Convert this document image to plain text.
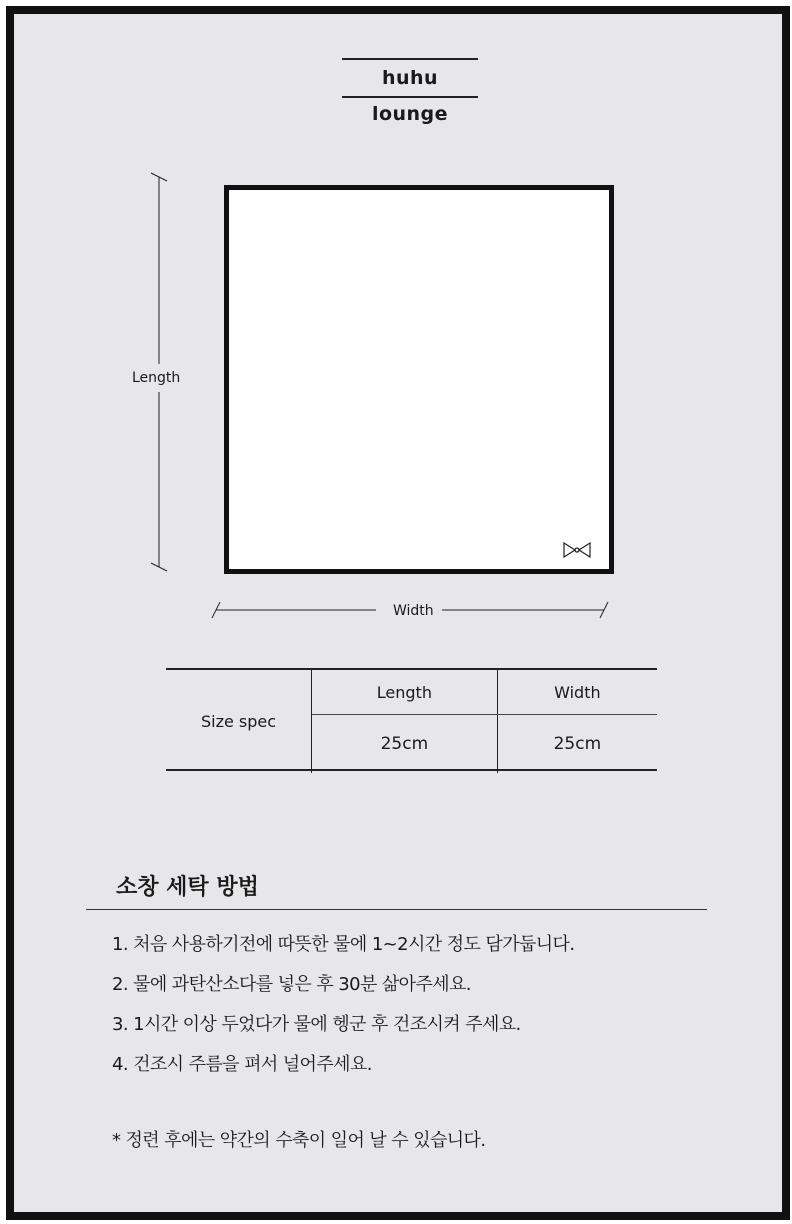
huhu lounge
Length
Width
Size spec	Length	Width
	25cm	25cm
소창 세탁 방법
1. 처음 사용하기전에 따뜻한 물에 1~2시간 정도 담가둡니다.
2. 물에 과탄산소다를 넣은 후 30분 삶아주세요.
3. 1시간 이상 두었다가 물에 헹군 후 건조시켜 주세요.
4. 건조시 주름을 펴서 널어주세요.
* 정련 후에는 약간의 수축이 일어 날 수 있습니다.
